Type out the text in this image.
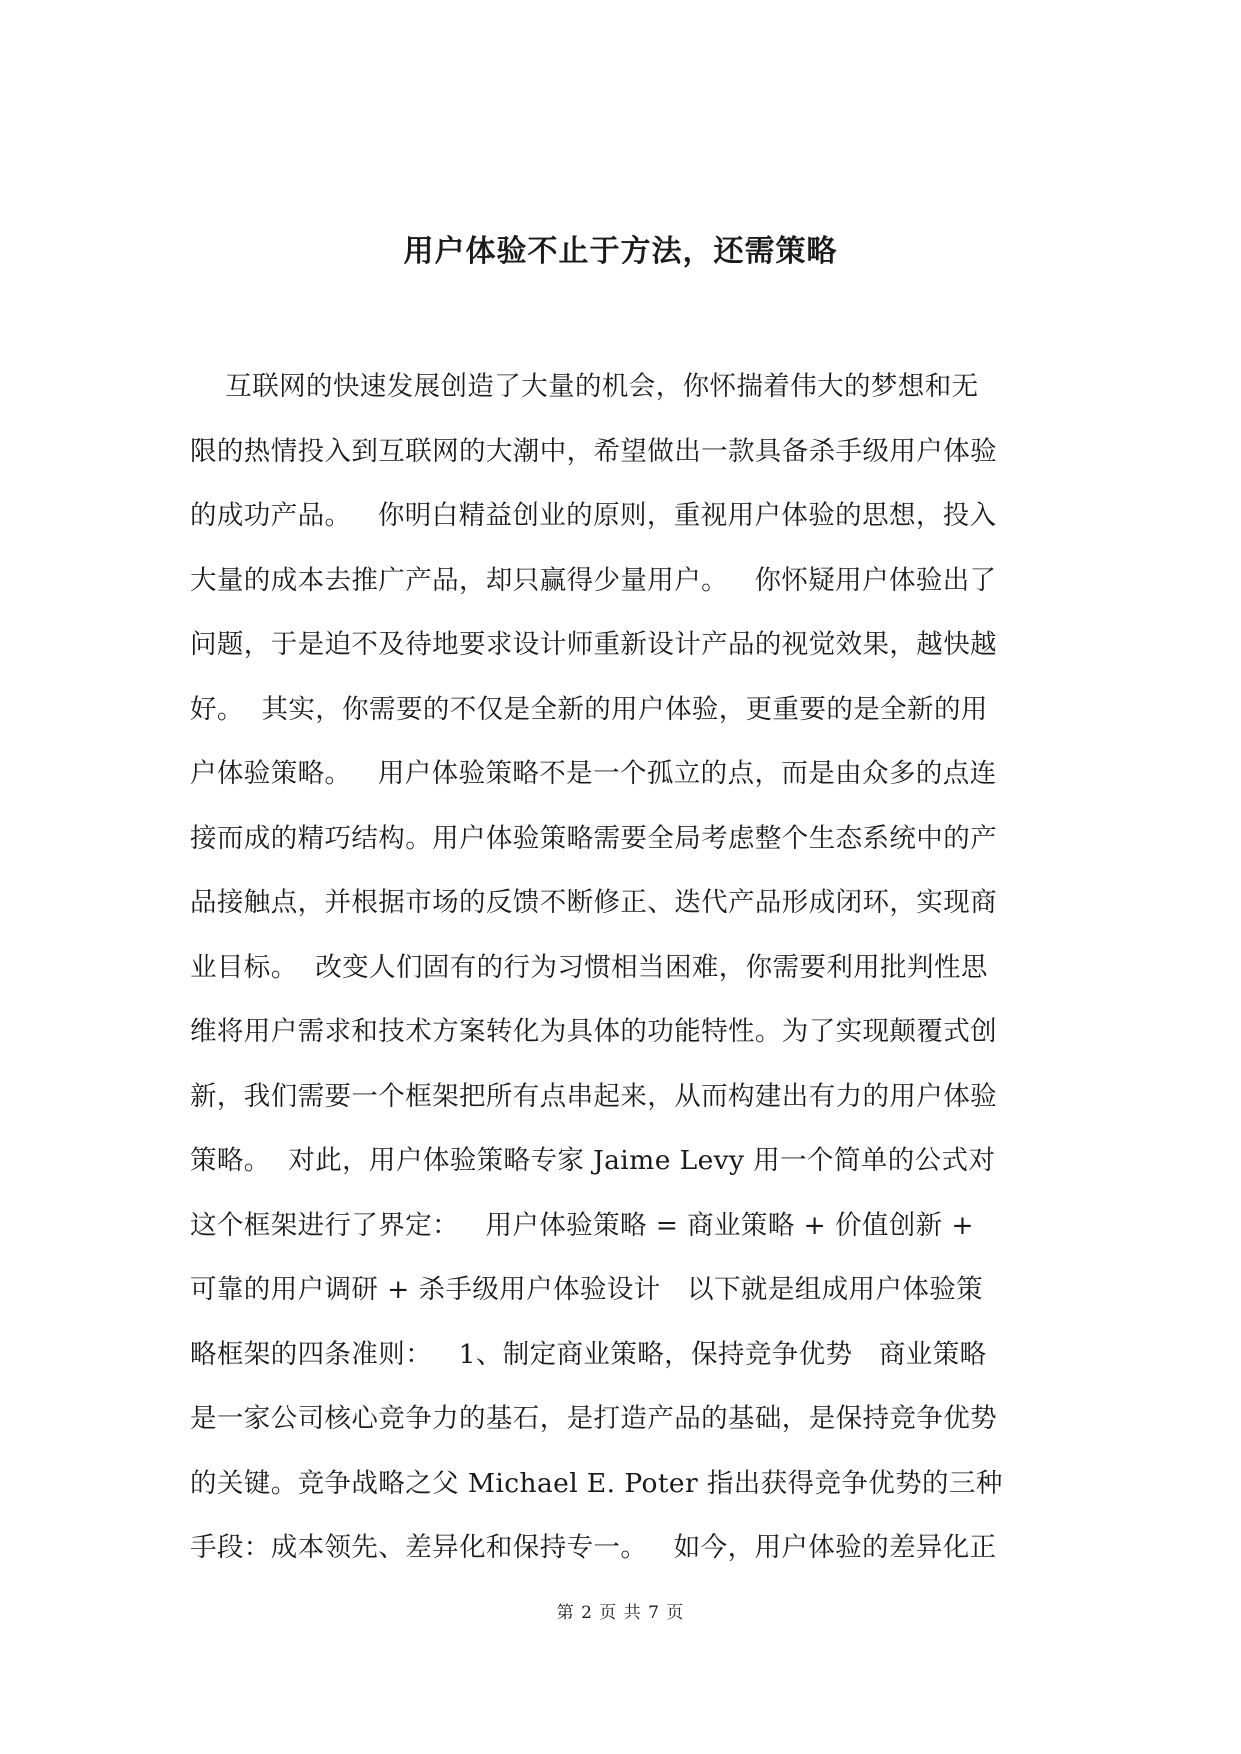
用户体验不止于方法，还需策略
互联网的快速发展创造了大量的机会，你怀揣着伟大的梦想和无
限的热情投入到互联网的大潮中，希望做出一款具备杀手级用户体验
的成功产品。   你明白精益创业的原则，重视用户体验的思想，投入
大量的成本去推广产品，却只赢得少量用户。   你怀疑用户体验出了
问题，于是迫不及待地要求设计师重新设计产品的视觉效果，越快越
好。  其实，你需要的不仅是全新的用户体验，更重要的是全新的用
户体验策略。   用户体验策略不是一个孤立的点，而是由众多的点连
接而成的精巧结构。用户体验策略需要全局考虑整个生态系统中的产
品接触点，并根据市场的反馈不断修正、迭代产品形成闭环，实现商
业目标。  改变人们固有的行为习惯相当困难，你需要利用批判性思
维将用户需求和技术方案转化为具体的功能特性。为了实现颠覆式创
新，我们需要一个框架把所有点串起来，从而构建出有力的用户体验
策略。  对此，用户体验策略专家 Jaime Levy 用一个简单的公式对
这个框架进行了界定：   用户体验策略 = 商业策略 + 价值创新 +
可靠的用户调研 + 杀手级用户体验设计   以下就是组成用户体验策
略框架的四条准则：   1、制定商业策略，保持竞争优势   商业策略
是一家公司核心竞争力的基石，是打造产品的基础，是保持竞争优势
的关键。竞争战略之父 Michael E. Poter 指出获得竞争优势的三种
手段：成本领先、差异化和保持专一。   如今，用户体验的差异化正
第 2 页 共 7 页
